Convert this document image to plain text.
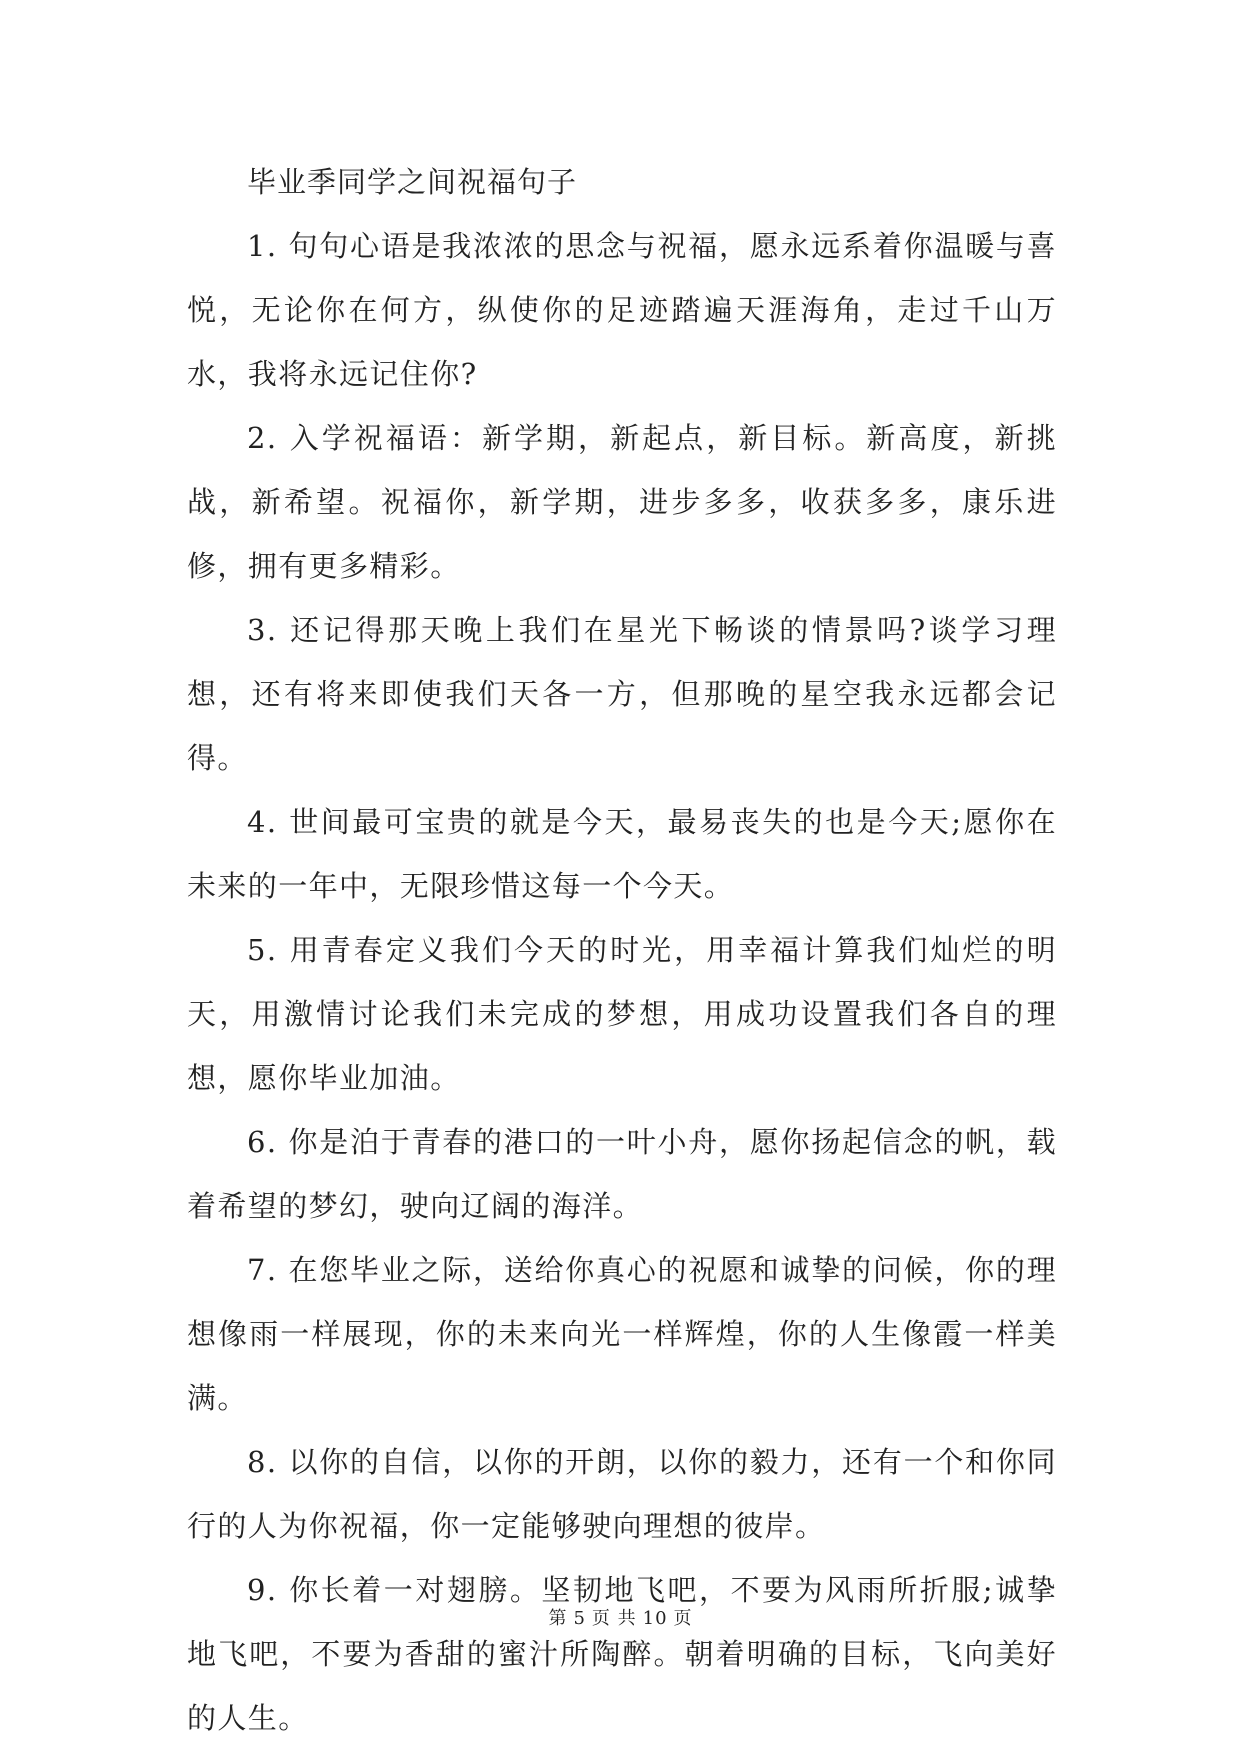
毕业季同学之间祝福句子

1. 句句心语是我浓浓的思念与祝福，愿永远系着你温暖与喜悦，无论你在何方，纵使你的足迹踏遍天涯海角，走过千山万水，我将永远记住你?

2. 入学祝福语：新学期，新起点，新目标。新高度，新挑战，新希望。祝福你，新学期，进步多多，收获多多，康乐进修，拥有更多精彩。

3. 还记得那天晚上我们在星光下畅谈的情景吗?谈学习理想，还有将来即使我们天各一方，但那晚的星空我永远都会记得。

4. 世间最可宝贵的就是今天，最易丧失的也是今天;愿你在未来的一年中，无限珍惜这每一个今天。

5. 用青春定义我们今天的时光，用幸福计算我们灿烂的明天，用激情讨论我们未完成的梦想，用成功设置我们各自的理想，愿你毕业加油。

6. 你是泊于青春的港口的一叶小舟，愿你扬起信念的帆，载着希望的梦幻，驶向辽阔的海洋。

7. 在您毕业之际，送给你真心的祝愿和诚挚的问候，你的理想像雨一样展现，你的未来向光一样辉煌，你的人生像霞一样美满。

8. 以你的自信，以你的开朗，以你的毅力，还有一个和你同行的人为你祝福，你一定能够驶向理想的彼岸。

9. 你长着一对翅膀。坚韧地飞吧，不要为风雨所折服;诚挚地飞吧，不要为香甜的蜜汁所陶醉。朝着明确的目标，飞向美好的人生。

第 5 页 共 10 页
